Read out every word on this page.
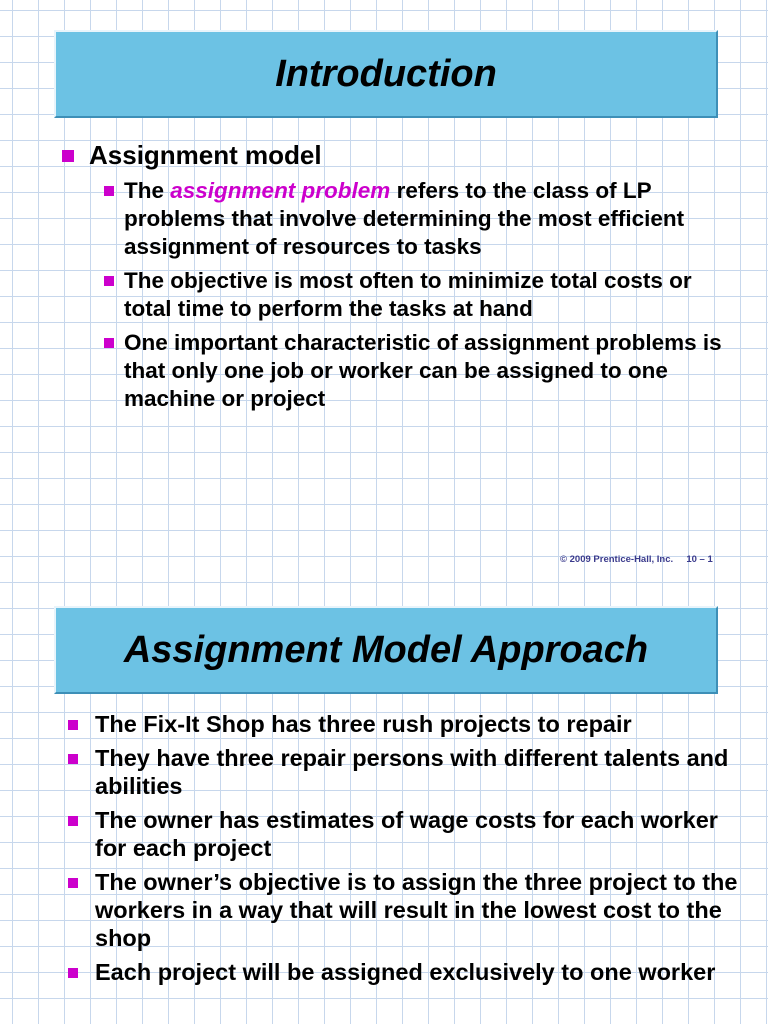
Introduction
Assignment model
The assignment problem refers to the class of LP problems that involve determining the most efficient assignment of resources to tasks
The objective is most often to minimize total costs or total time to perform the tasks at hand
One important characteristic of assignment problems is that only one job or worker can be assigned to one machine or project
© 2009 Prentice-Hall, Inc.     10 – 1
Assignment Model Approach
The Fix-It Shop has three rush projects to repair
They have three repair persons with different talents and abilities
The owner has estimates of wage costs for each worker for each project
The owner’s objective is to assign the three project to the workers in a way that will result in the lowest cost to the shop
Each project will be assigned exclusively to one worker
